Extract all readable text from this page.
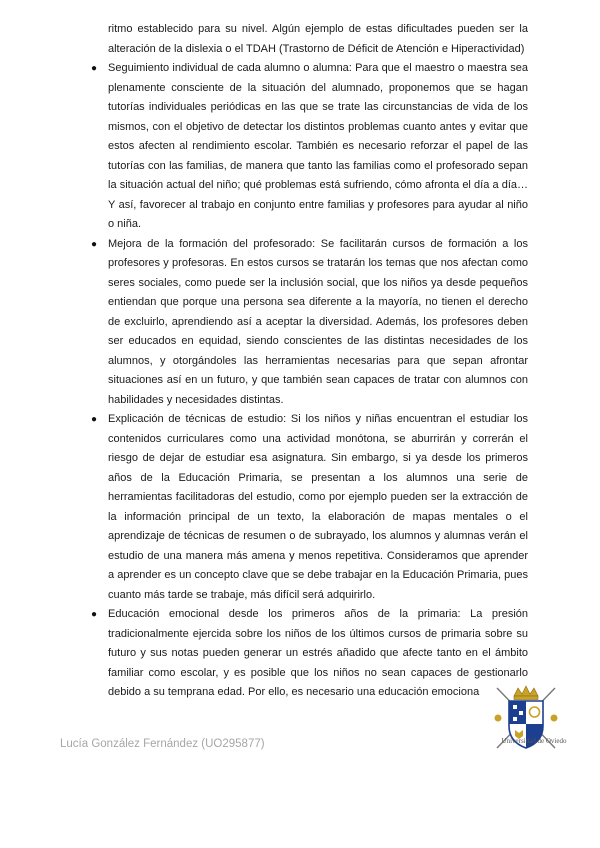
ritmo establecido para su nivel. Algún ejemplo de estas dificultades pueden ser la alteración de la dislexia o el TDAH (Trastorno de Déficit de Atención e Hiperactividad)

● Seguimiento individual de cada alumno o alumna: Para que el maestro o maestra sea plenamente consciente de la situación del alumnado, proponemos que se hagan tutorías individuales periódicas en las que se trate las circunstancias de vida de los mismos, con el objetivo de detectar los distintos problemas cuanto antes y evitar que estos afecten al rendimiento escolar. También es necesario reforzar el papel de las tutorías con las familias, de manera que tanto las familias como el profesorado sepan la situación actual del niño; qué problemas está sufriendo, cómo afronta el día a día… Y así, favorecer al trabajo en conjunto entre familias y profesores para ayudar al niño o niña.
● Mejora de la formación del profesorado: Se facilitarán cursos de formación a los profesores y profesoras. En estos cursos se tratarán los temas que nos afectan como seres sociales, como puede ser la inclusión social, que los niños ya desde pequeños entiendan que porque una persona sea diferente a la mayoría, no tienen el derecho de excluirlo, aprendiendo así a aceptar la diversidad. Además, los profesores deben ser educados en equidad, siendo conscientes de las distintas necesidades de los alumnos, y otorgándoles las herramientas necesarias para que sepan afrontar situaciones así en un futuro, y que también sean capaces de tratar con alumnos con habilidades y necesidades distintas.
● Explicación de técnicas de estudio: Si los niños y niñas encuentran el estudiar los contenidos curriculares como una actividad monótona, se aburrirán y correrán el riesgo de dejar de estudiar esa asignatura. Sin embargo, si ya desde los primeros años de la Educación Primaria, se presentan a los alumnos una serie de herramientas facilitadoras del estudio, como por ejemplo pueden ser la extracción de la información principal de un texto, la elaboración de mapas mentales o el aprendizaje de técnicas de resumen o de subrayado, los alumnos y alumnas verán el estudio de una manera más amena y menos repetitiva. Consideramos que aprender a aprender es un concepto clave que se debe trabajar en la Educación Primaria, pues cuanto más tarde se trabaje, más difícil será adquirirlo.
● Educación emocional desde los primeros años de la primaria: La presión tradicionalmente ejercida sobre los niños de los últimos cursos de primaria sobre su futuro y sus notas pueden generar un estrés añadido que afecte tanto en el ámbito familiar como escolar, y es posible que los niños no sean capaces de gestionarlo debido a su temprana edad. Por ello, es necesario una educación emociona
Lucía González Fernández (UO295877)	Universidad de Oviedo
